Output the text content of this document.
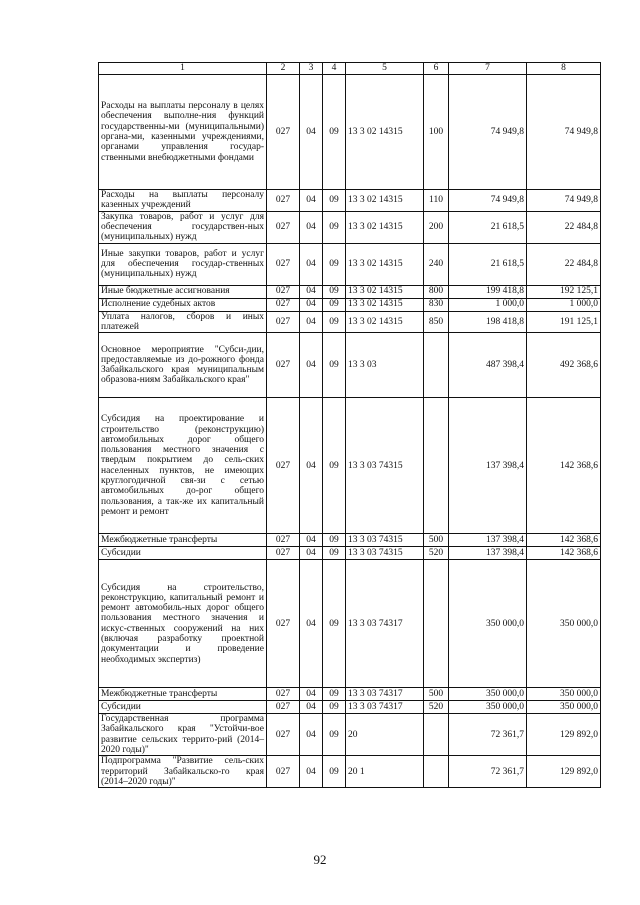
1	2	3	4	5	6	7	8
Расходы на выплаты персоналу в целях обеспечения выполне-ния функций государственны-ми (муниципальными) органа-ми, казенными учреждениями, органами управления государ-ственными внебюджетными фондами	027	04	09	13 3 02 14315	100	74 949,8	74 949,8
Расходы на выплаты персоналу казенных учреждений	027	04	09	13 3 02 14315	110	74 949,8	74 949,8
Закупка товаров, работ и услуг для обеспечения государствен-ных (муниципальных) нужд	027	04	09	13 3 02 14315	200	21 618,5	22 484,8
Иные закупки товаров, работ и услуг для обеспечения государ-ственных (муниципальных) нужд	027	04	09	13 3 02 14315	240	21 618,5	22 484,8
Иные бюджетные ассигнования	027	04	09	13 3 02 14315	800	199 418,8	192 125,1
Исполнение судебных актов	027	04	09	13 3 02 14315	830	1 000,0	1 000,0
Уплата налогов, сборов и иных платежей	027	04	09	13 3 02 14315	850	198 418,8	191 125,1
Основное мероприятие "Субси-дии, предоставляемые из до-рожного фонда Забайкальского края муниципальным образова-ниям Забайкальского края"	027	04	09	13 3 03		487 398,4	492 368,6
Субсидия на проектирование и строительство (реконструкцию) автомобильных дорог общего пользования местного значения с твердым покрытием до сель-ских населенных пунктов, не имеющих круглогодичной свя-зи с сетью автомобильных до-рог общего пользования, а так-же их капитальный ремонт и ремонт	027	04	09	13 3 03 74315		137 398,4	142 368,6
Межбюджетные трансферты	027	04	09	13 3 03 74315	500	137 398,4	142 368,6
Субсидии	027	04	09	13 3 03 74315	520	137 398,4	142 368,6
Субсидия на строительство, реконструкцию, капитальный ремонт и ремонт автомобиль-ных дорог общего пользования местного значения и искус-ственных сооружений на них (включая разработку проектной документации и проведение необходимых экспертиз)	027	04	09	13 3 03 74317		350 000,0	350 000,0
Межбюджетные трансферты	027	04	09	13 3 03 74317	500	350 000,0	350 000,0
Субсидии	027	04	09	13 3 03 74317	520	350 000,0	350 000,0
Государственная программа Забайкальского края "Устойчи-вое развитие сельских террито-рий (2014–2020 годы)"	027	04	09	20		72 361,7	129 892,0
Подпрограмма "Развитие сель-ских территорий Забайкальско-го края (2014–2020 годы)"	027	04	09	20 1		72 361,7	129 892,0
92
